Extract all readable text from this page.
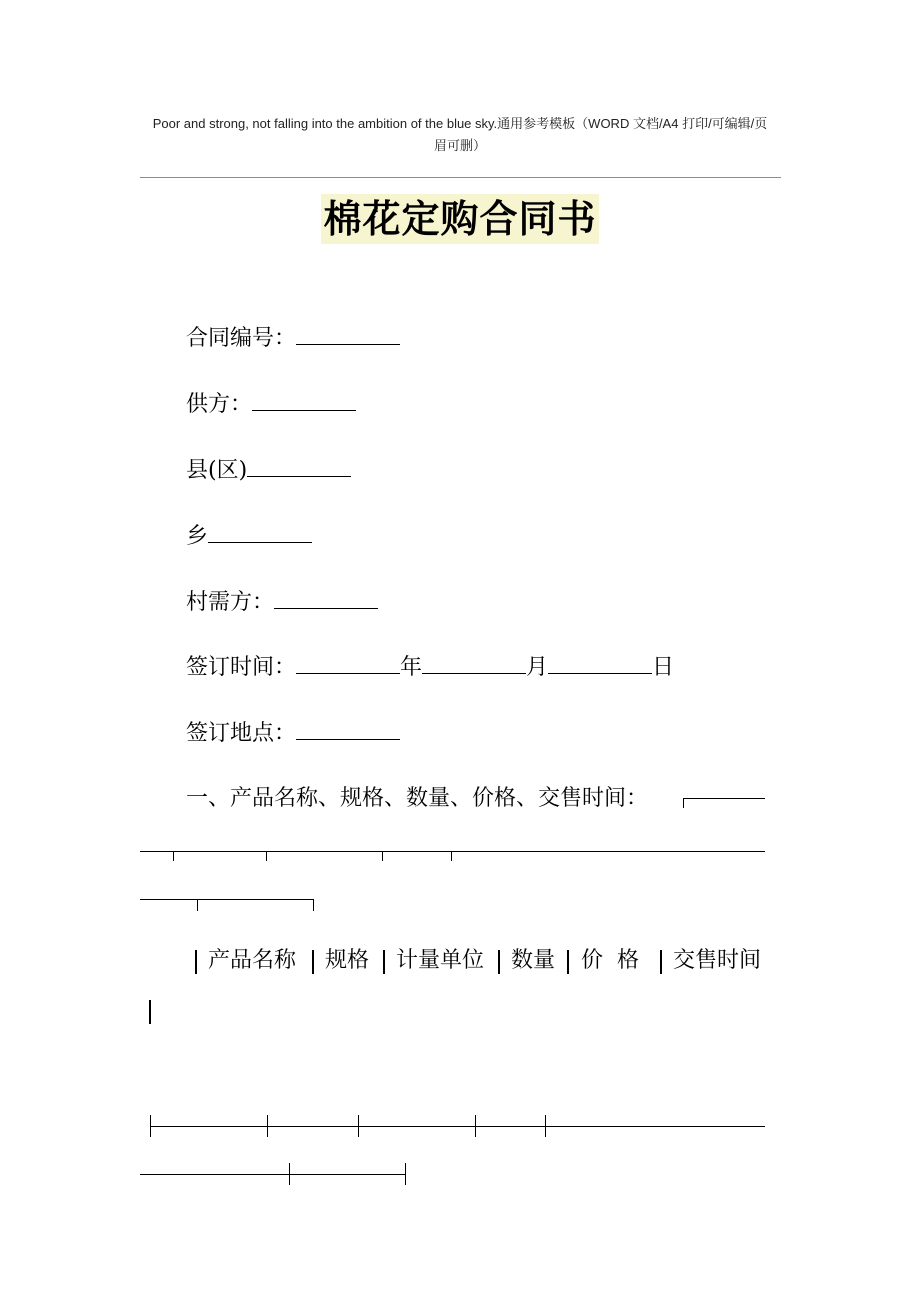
Poor and strong, not falling into the ambition of the blue sky.通用参考模板（WORD 文档/A4 打印/可编辑/页
眉可删）
棉花定购合同书
合同编号：
供方：
县(区)
乡
村需方：
签订时间：	年	月	日
签订地点：
一、产品名称、规格、数量、价格、交售时间：
产品名称 规格 计量单位 数量 价  格 交售时间
